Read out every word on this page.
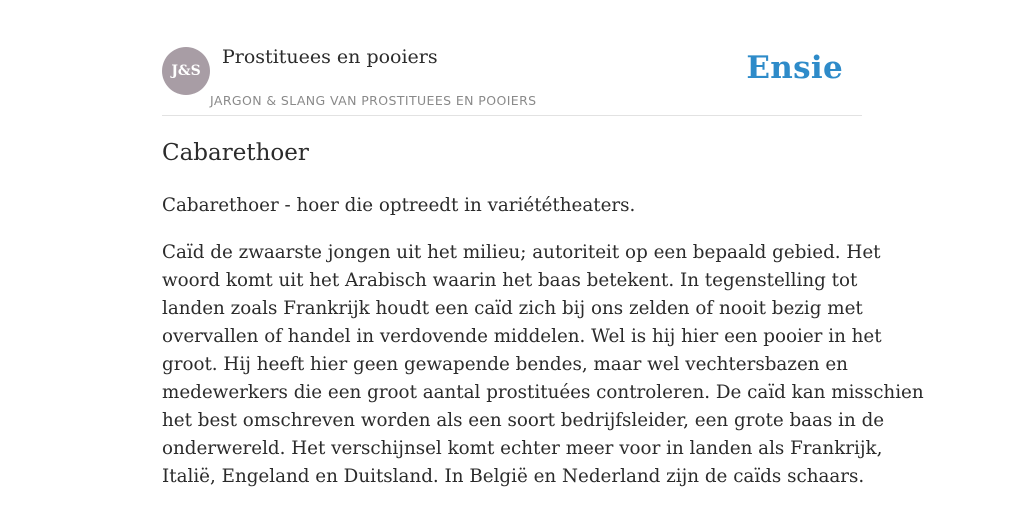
J&S
Prostituees en pooiers
JARGON & SLANG VAN PROSTITUEES EN POOIERS
Ensie
Cabarethoer

Cabarethoer - hoer die optreedt in variététheaters.

Caïd de zwaarste jongen uit het milieu; autoriteit op een bepaald gebied. Het
woord komt uit het Arabisch waarin het baas betekent. In tegenstelling tot
landen zoals Frankrijk houdt een caïd zich bij ons zelden of nooit bezig met
overvallen of handel in verdovende middelen. Wel is hij hier een pooier in het
groot. Hij heeft hier geen gewapende bendes, maar wel vechtersbazen en
medewerkers die een groot aantal prostituées controleren. De caïd kan misschien
het best omschreven worden als een soort bedrijfsleider, een grote baas in de
onderwereld. Het verschijnsel komt echter meer voor in landen als Frankrijk,
Italië, Engeland en Duitsland. In België en Nederland zijn de caïds schaars.
